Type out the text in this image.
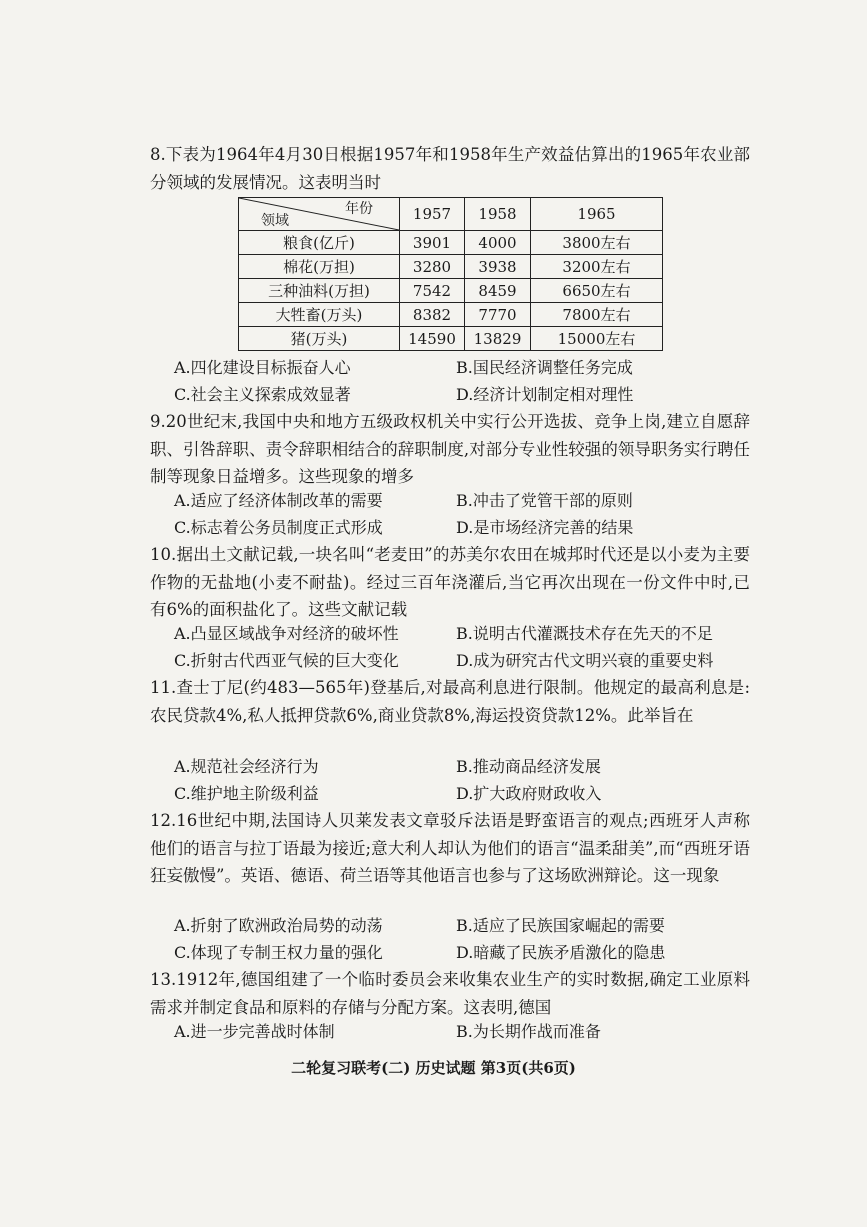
8.下表为1964年4月30日根据1957年和1958年生产效益估算出的1965年农业部分领域的发展情况。这表明当时
年份
领域	1957	1958	1965
粮食(亿斤)	3901	4000	3800左右
棉花(万担)	3280	3938	3200左右
三种油料(万担)	7542	8459	6650左右
大牲畜(万头)	8382	7770	7800左右
猪(万头)	14590	13829	15000左右
A.四化建设目标振奋人心	B.国民经济调整任务完成
C.社会主义探索成效显著	D.经济计划制定相对理性
9.20世纪末,我国中央和地方五级政权机关中实行公开选拔、竞争上岗,建立自愿辞职、引咎辞职、责令辞职相结合的辞职制度,对部分专业性较强的领导职务实行聘任制等现象日益增多。这些现象的增多
A.适应了经济体制改革的需要	B.冲击了党管干部的原则
C.标志着公务员制度正式形成	D.是市场经济完善的结果
10.据出土文献记载,一块名叫“老麦田”的苏美尔农田在城邦时代还是以小麦为主要作物的无盐地(小麦不耐盐)。经过三百年浇灌后,当它再次出现在一份文件中时,已有6%的面积盐化了。这些文献记载
A.凸显区域战争对经济的破坏性	B.说明古代灌溉技术存在先天的不足
C.折射古代西亚气候的巨大变化	D.成为研究古代文明兴衰的重要史料
11.查士丁尼(约483—565年)登基后,对最高利息进行限制。他规定的最高利息是:农民贷款4%,私人抵押贷款6%,商业贷款8%,海运投资贷款12%。此举旨在
A.规范社会经济行为	B.推动商品经济发展
C.维护地主阶级利益	D.扩大政府财政收入
12.16世纪中期,法国诗人贝莱发表文章驳斥法语是野蛮语言的观点;西班牙人声称他们的语言与拉丁语最为接近;意大利人却认为他们的语言“温柔甜美”,而“西班牙语狂妄傲慢”。英语、德语、荷兰语等其他语言也参与了这场欧洲辩论。这一现象
A.折射了欧洲政治局势的动荡	B.适应了民族国家崛起的需要
C.体现了专制王权力量的强化	D.暗藏了民族矛盾激化的隐患
13.1912年,德国组建了一个临时委员会来收集农业生产的实时数据,确定工业原料需求并制定食品和原料的存储与分配方案。这表明,德国
A.进一步完善战时体制	B.为长期作战而准备
二轮复习联考(二) 历史试题 第3页(共6页)
